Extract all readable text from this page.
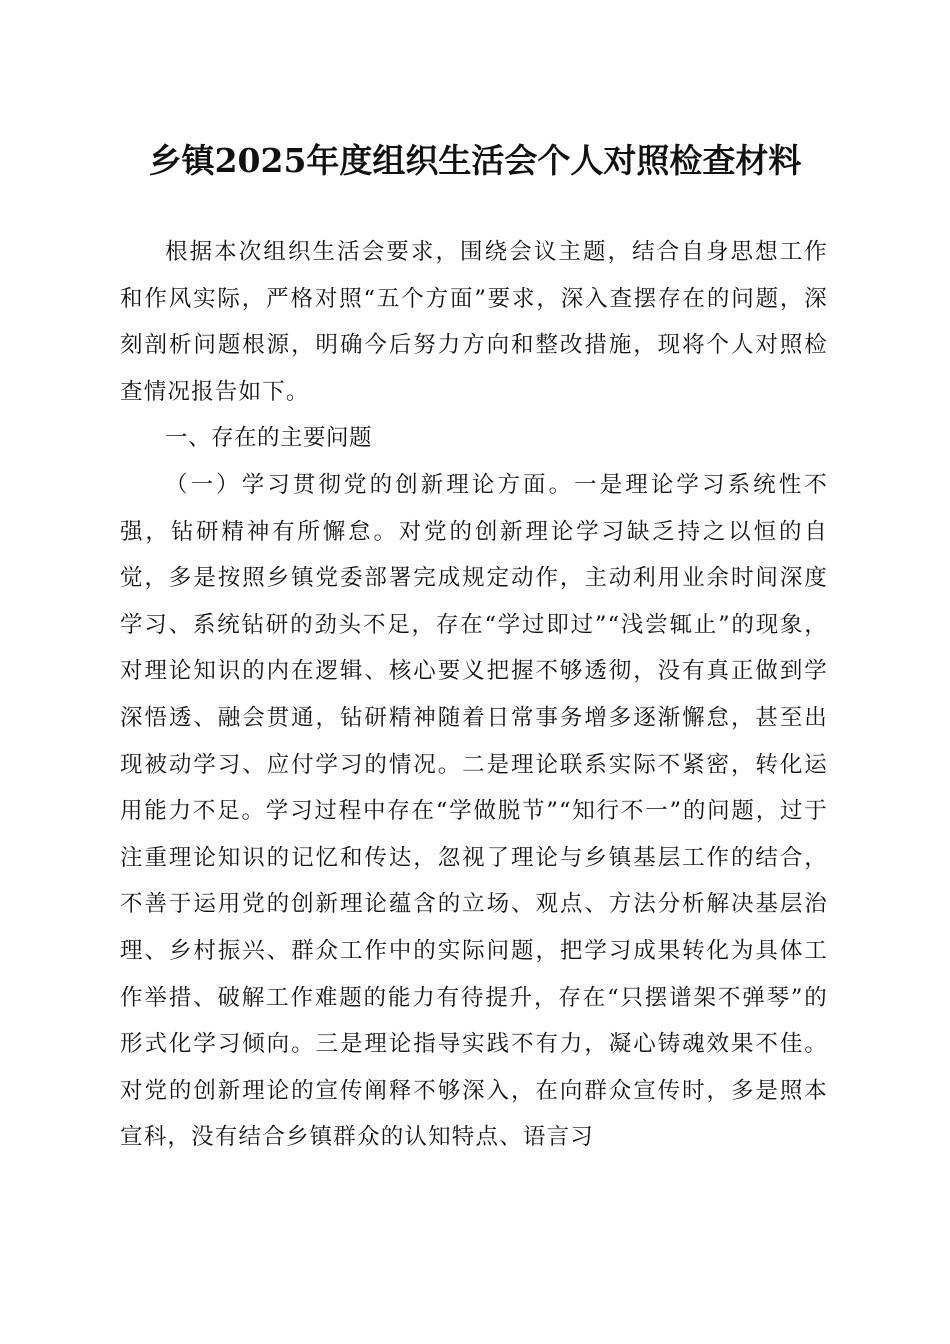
乡镇2025年度组织生活会个人对照检查材料

根据本次组织生活会要求，围绕会议主题，结合自身思想工作和作风实际，严格对照“五个方面”要求，深入查摆存在的问题，深刻剖析问题根源，明确今后努力方向和整改措施，现将个人对照检查情况报告如下。

一、存在的主要问题

（一）学习贯彻党的创新理论方面。一是理论学习系统性不强，钻研精神有所懈怠。对党的创新理论学习缺乏持之以恒的自觉，多是按照乡镇党委部署完成规定动作，主动利用业余时间深度学习、系统钻研的劲头不足，存在“学过即过”“浅尝辄止”的现象，对理论知识的内在逻辑、核心要义把握不够透彻，没有真正做到学深悟透、融会贯通，钻研精神随着日常事务增多逐渐懈怠，甚至出现被动学习、应付学习的情况。二是理论联系实际不紧密，转化运用能力不足。学习过程中存在“学做脱节”“知行不一”的问题，过于注重理论知识的记忆和传达，忽视了理论与乡镇基层工作的结合，不善于运用党的创新理论蕴含的立场、观点、方法分析解决基层治理、乡村振兴、群众工作中的实际问题，把学习成果转化为具体工作举措、破解工作难题的能力有待提升，存在“只摆谱架不弹琴”的形式化学习倾向。三是理论指导实践不有力，凝心铸魂效果不佳。对党的创新理论的宣传阐释不够深入，在向群众宣传时，多是照本宣科，没有结合乡镇群众的认知特点、语言习
